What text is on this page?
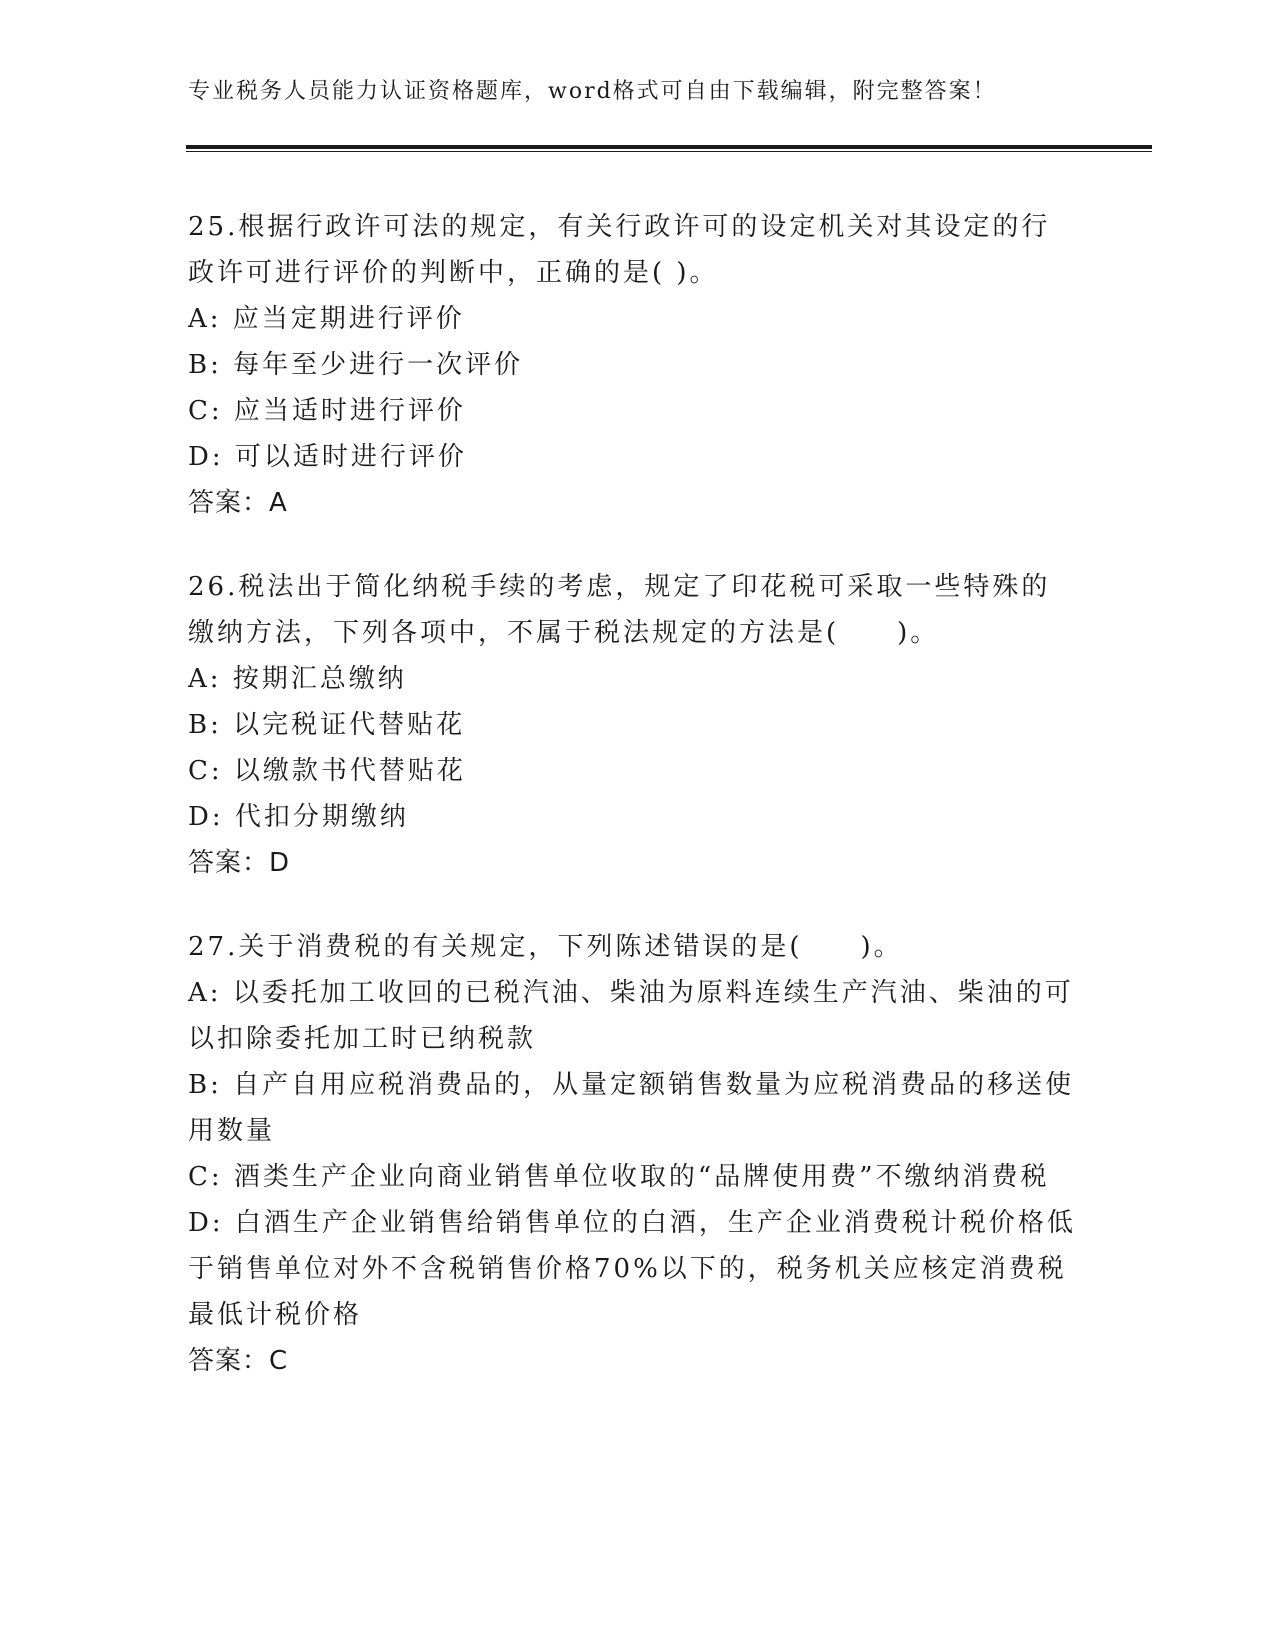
专业税务人员能力认证资格题库，word格式可自由下载编辑，附完整答案！
25.根据行政许可法的规定，有关行政许可的设定机关对其设定的行政许可进行评价的判断中，正确的是( )。
A: 应当定期进行评价
B: 每年至少进行一次评价
C: 应当适时进行评价
D: 可以适时进行评价
答案：A
26.税法出于简化纳税手续的考虑，规定了印花税可采取一些特殊的缴纳方法，下列各项中，不属于税法规定的方法是(　　)。
A: 按期汇总缴纳
B: 以完税证代替贴花
C: 以缴款书代替贴花
D: 代扣分期缴纳
答案：D
27.关于消费税的有关规定，下列陈述错误的是(　　)。
A: 以委托加工收回的已税汽油、柴油为原料连续生产汽油、柴油的可以扣除委托加工时已纳税款
B: 自产自用应税消费品的，从量定额销售数量为应税消费品的移送使用数量
C: 酒类生产企业向商业销售单位收取的“品牌使用费”不缴纳消费税
D: 白酒生产企业销售给销售单位的白酒，生产企业消费税计税价格低于销售单位对外不含税销售价格70%以下的，税务机关应核定消费税最低计税价格
答案：C
